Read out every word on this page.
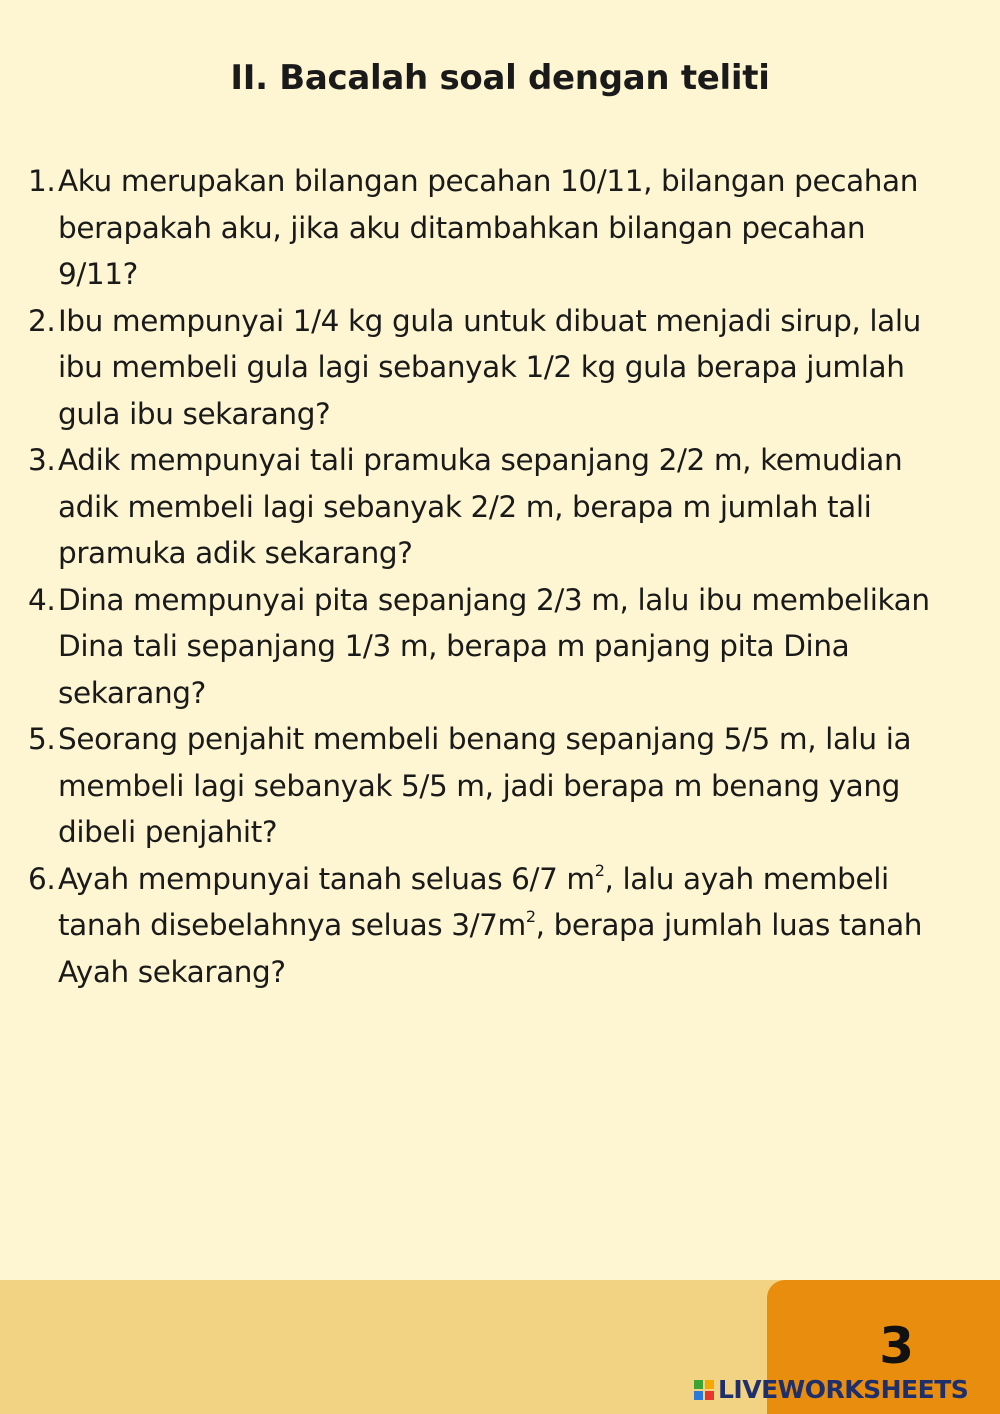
II. Bacalah soal dengan teliti
1. Aku merupakan bilangan pecahan 10/11, bilangan pecahan
berapakah aku, jika aku ditambahkan bilangan pecahan
9/11?
2. Ibu mempunyai 1/4 kg gula untuk dibuat menjadi sirup, lalu
ibu membeli gula lagi sebanyak 1/2 kg gula berapa jumlah
gula ibu sekarang?
3. Adik mempunyai tali pramuka sepanjang 2/2 m, kemudian
adik membeli lagi sebanyak 2/2 m, berapa m jumlah tali
pramuka adik sekarang?
4. Dina mempunyai pita sepanjang 2/3 m, lalu ibu membelikan
Dina tali sepanjang 1/3 m, berapa m panjang pita Dina
sekarang?
5. Seorang penjahit membeli benang sepanjang 5/5 m, lalu ia
membeli lagi sebanyak 5/5 m, jadi berapa m benang yang
dibeli penjahit?
6. Ayah mempunyai tanah seluas 6/7 $m^2$, lalu ayah membeli
tanah disebelahnya seluas $3/7m^2$, berapa jumlah luas tanah
Ayah sekarang?
3
LIVEWORKSHEETS
